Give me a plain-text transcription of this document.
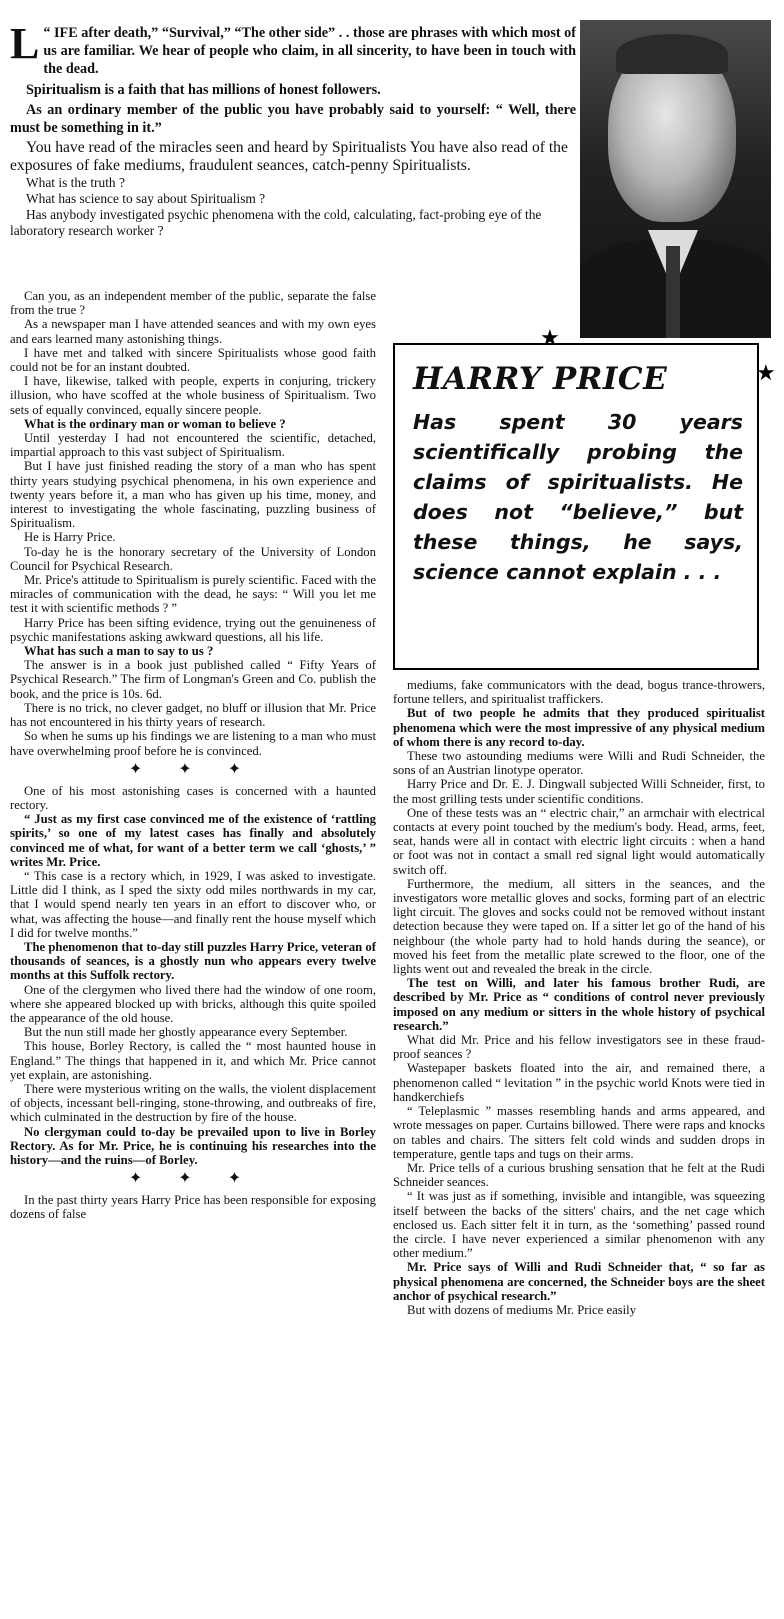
L “ IFE after death,” “Survival,” “The other side” . . those are phrases with which most of us are familiar. We hear of people who claim, in all sincerity, to have been in touch with the dead.

Spiritualism is a faith that has millions of honest followers.

As an ordinary member of the public you have probably said to yourself: “ Well, there must be something in it.”

You have read of the miracles seen and heard by Spiritualists You have also read of the exposures of fake mediums, fraudulent seances, catch-penny Spiritualists.

What is the truth ?

What has science to say about Spiritualism ?

Has anybody investigated psychic phenomena with the cold, calculating, fact-probing eye of the laboratory research worker ?

★
★
HARRY PRICE
Has spent 30 years scientifically probing the claims of spiritualists. He does not “believe,” but these things, he says, science cannot explain . . .

Can you, as an independent member of the public, separate the false from the true ?

As a newspaper man I have attended seances and with my own eyes and ears learned many astonishing things.

I have met and talked with sincere Spiritualists whose good faith could not be for an instant doubted.

I have, likewise, talked with people, experts in conjuring, trickery illusion, who have scoffed at the whole business of Spiritualism. Two sets of equally convinced, equally sincere people.

What is the ordinary man or woman to believe ?

Until yesterday I had not encountered the scientific, detached, impartial approach to this vast subject of Spiritualism.

But I have just finished reading the story of a man who has spent thirty years studying psychical phenomena, in his own experience and twenty years before it, a man who has given up his time, money, and interest to investigating the whole fascinating, puzzling business of Spiritualism.

He is Harry Price.

To-day he is the honorary secretary of the University of London Council for Psychical Research.

Mr. Price's attitude to Spiritualism is purely scientific. Faced with the miracles of communication with the dead, he says: “ Will you let me test it with scientific methods ? ”

Harry Price has been sifting evidence, trying out the genuineness of psychic manifestations asking awkward questions, all his life.

What has such a man to say to us ?

The answer is in a book just published called “ Fifty Years of Psychical Research.” The firm of Longman's Green and Co. publish the book, and the price is 10s. 6d.

There is no trick, no clever gadget, no bluff or illusion that Mr. Price has not encountered in his thirty years of research.

So when he sums up his findings we are listening to a man who must have overwhelming proof before he is convinced.

✦ ✦ ✦

One of his most astonishing cases is concerned with a haunted rectory.

“ Just as my first case convinced me of the existence of ‘rattling spirits,’ so one of my latest cases has finally and absolutely convinced me of what, for want of a better term we call ‘ghosts,’ ” writes Mr. Price.

“ This case is a rectory which, in 1929, I was asked to investigate. Little did I think, as I sped the sixty odd miles northwards in my car, that I would spend nearly ten years in an effort to discover who, or what, was affecting the house—and finally rent the house myself which I did for twelve months.”

The phenomenon that to-day still puzzles Harry Price, veteran of thousands of seances, is a ghostly nun who appears every twelve months at this Suffolk rectory.

One of the clergymen who lived there had the window of one room, where she appeared blocked up with bricks, although this quite spoiled the appearance of the old house.

But the nun still made her ghostly appearance every September.

This house, Borley Rectory, is called the “ most haunted house in England.” The things that happened in it, and which Mr. Price cannot yet explain, are astonishing.

There were mysterious writing on the walls, the violent displacement of objects, incessant bell-ringing, stone-throwing, and outbreaks of fire, which culminated in the destruction by fire of the house.

No clergyman could to-day be prevailed upon to live in Borley Rectory. As for Mr. Price, he is continuing his researches into the history—and the ruins—of Borley.

✦ ✦ ✦

In the past thirty years Harry Price has been responsible for exposing dozens of false

mediums, fake communicators with the dead, bogus trance-throwers, fortune tellers, and spiritualist traffickers.

But of two people he admits that they produced spiritualist phenomena which were the most impressive of any physical medium of whom there is any record to-day.

These two astounding mediums were Willi and Rudi Schneider, the sons of an Austrian linotype operator.

Harry Price and Dr. E. J. Dingwall subjected Willi Schneider, first, to the most grilling tests under scientific conditions.

One of these tests was an “ electric chair,” an armchair with electrical contacts at every point touched by the medium's body. Head, arms, feet, seat, hands were all in contact with electric light circuits : when a hand or foot was not in contact a small red signal light would automatically switch off.

Furthermore, the medium, all sitters in the seances, and the investigators wore metallic gloves and socks, forming part of an electric light circuit. The gloves and socks could not be removed without instant detection because they were taped on. If a sitter let go of the hand of his neighbour (the whole party had to hold hands during the seance), or moved his feet from the metallic plate screwed to the floor, one of the lights went out and revealed the break in the circle.

The test on Willi, and later his famous brother Rudi, are described by Mr. Price as “ conditions of control never previously imposed on any medium or sitters in the whole history of psychical research.”

What did Mr. Price and his fellow investigators see in these fraud-proof seances ?

Wastepaper baskets floated into the air, and remained there, a phenomenon called “ levitation ” in the psychic world Knots were tied in handkerchiefs

“ Teleplasmic ” masses resembling hands and arms appeared, and wrote messages on paper. Curtains billowed. There were raps and knocks on tables and chairs. The sitters felt cold winds and sudden drops in temperature, gentle taps and tugs on their arms.

Mr. Price tells of a curious brushing sensation that he felt at the Rudi Schneider seances.

“ It was just as if something, invisible and intangible, was squeezing itself between the backs of the sitters' chairs, and the net cage which enclosed us. Each sitter felt it in turn, as the ‘something’ passed round the circle. I have never experienced a similar phenomenon with any other medium.”

Mr. Price says of Willi and Rudi Schneider that, “ so far as physical phenomena are concerned, the Schneider boys are the sheet anchor of psychical research.”

But with dozens of mediums Mr. Price easily
